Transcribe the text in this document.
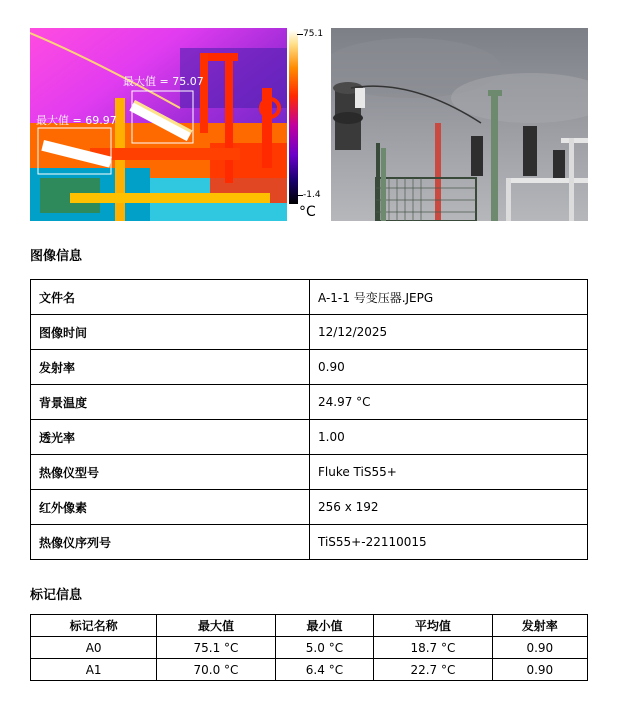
最大值 = 75.07
最大值 = 69.97
75.1
-1.4
°C
图像信息
文件名	A-1-1 号变压器.JEPG
图像时间	12/12/2025
发射率	0.90
背景温度	24.97 °C
透光率	1.00
热像仪型号	Fluke TiS55+
红外像素	256 x 192
热像仪序列号	TiS55+-22110015
标记信息
标记名称	最大值	最小值	平均值	发射率
A0	75.1 °C	5.0 °C	18.7 °C	0.90
A1	70.0 °C	6.4 °C	22.7 °C	0.90
